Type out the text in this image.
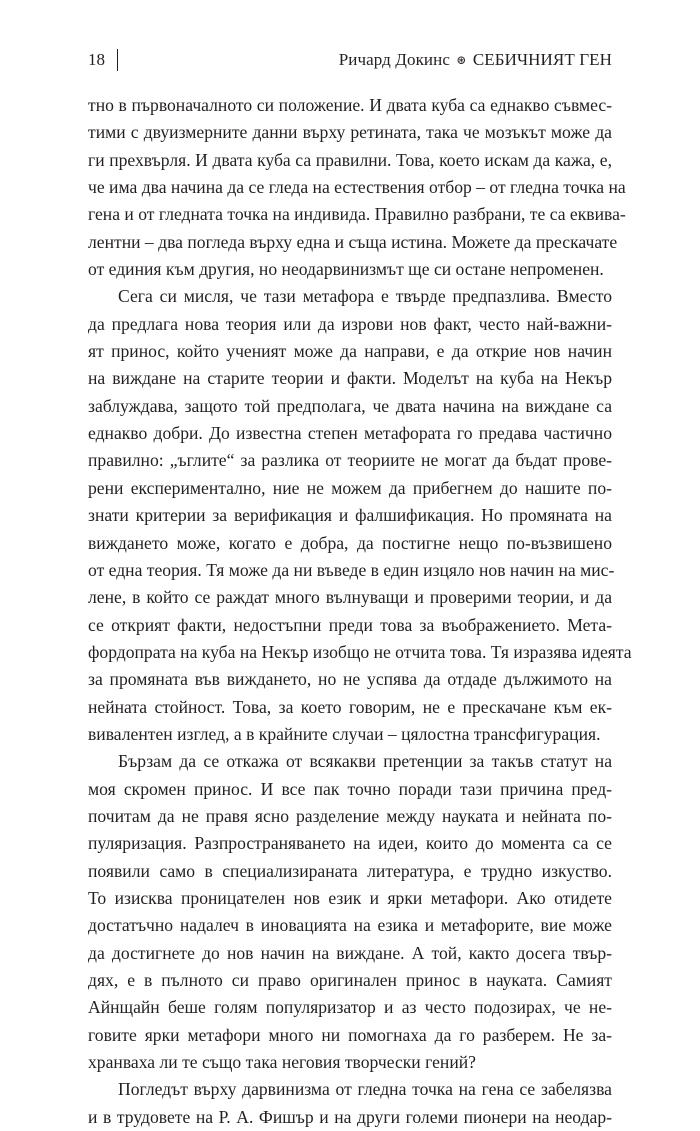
18	Ричард Докинс ⊛ СЕБИЧНИЯТ ГЕН
тно в първоначалното си положение. И двата куба са еднакво съвмес-
тими с двуизмерните данни върху ретината, така че мозъкът може да
ги прехвърля. И двата куба са правилни. Това, което искам да кажа, е,
че има два начина да се гледа на естествения отбор – от гледна точка на
гена и от гледната точка на индивида. Правилно разбрани, те са еквива-
лентни – два погледа върху една и съща истина. Можете да прескачате
от единия към другия, но неодарвинизмът ще си остане непроменен.
Сега си мисля, че тази метафора е твърде предпазлива. Вместо
да предлага нова теория или да изрови нов факт, често най-важни-
ят принос, който ученият може да направи, е да открие нов начин
на виждане на старите теории и факти. Моделът на куба на Некър
заблуждава, защото той предполага, че двата начина на виждане са
еднакво добри. До известна степен метафората го предава частично
правилно: „ъглите“ за разлика от теориите не могат да бъдат прове-
рени експериментално, ние не можем да прибегнем до нашите по-
знати критерии за верификация и фалшификация. Но промяната на
виждането може, когато е добра, да постигне нещо по-възвишено
от една теория. Тя може да ни въведе в един изцяло нов начин на мис-
лене, в който се раждат много вълнуващи и проверими теории, и да
се открият факти, недостъпни преди това за въображението. Мета-
фордопрата на куба на Некър изобщо не отчита това. Тя изразява идеята
за промяната във виждането, но не успява да отдаде дължимото на
нейната стойност. Това, за което говорим, не е прескачане към ек-
вивалентен изглед, а в крайните случаи – цялостна трансфигурация.
Бързам да се откажа от всякакви претенции за такъв статут на
моя скромен принос. И все пак точно поради тази причина пред-
почитам да не правя ясно разделение между науката и нейната по-
пуляризация. Разпространяването на идеи, които до момента са се
появили само в специализираната литература, е трудно изкуство.
То изисква проницателен нов език и ярки метафори. Ако отидете
достатъчно надалеч в иновацията на езика и метафорите, вие може
да достигнете до нов начин на виждане. А той, както досега твър-
дях, е в пълното си право оригинален принос в науката. Самият
Айнщайн беше голям популяризатор и аз често подозирах, че не-
говите ярки метафори много ни помогнаха да го разберем. Не за-
хранваха ли те също така неговия творчески гений?
Погледът върху дарвинизма от гледна точка на гена се забелязва
и в трудовете на Р. А. Фишър и на други големи пионери на неодар-
